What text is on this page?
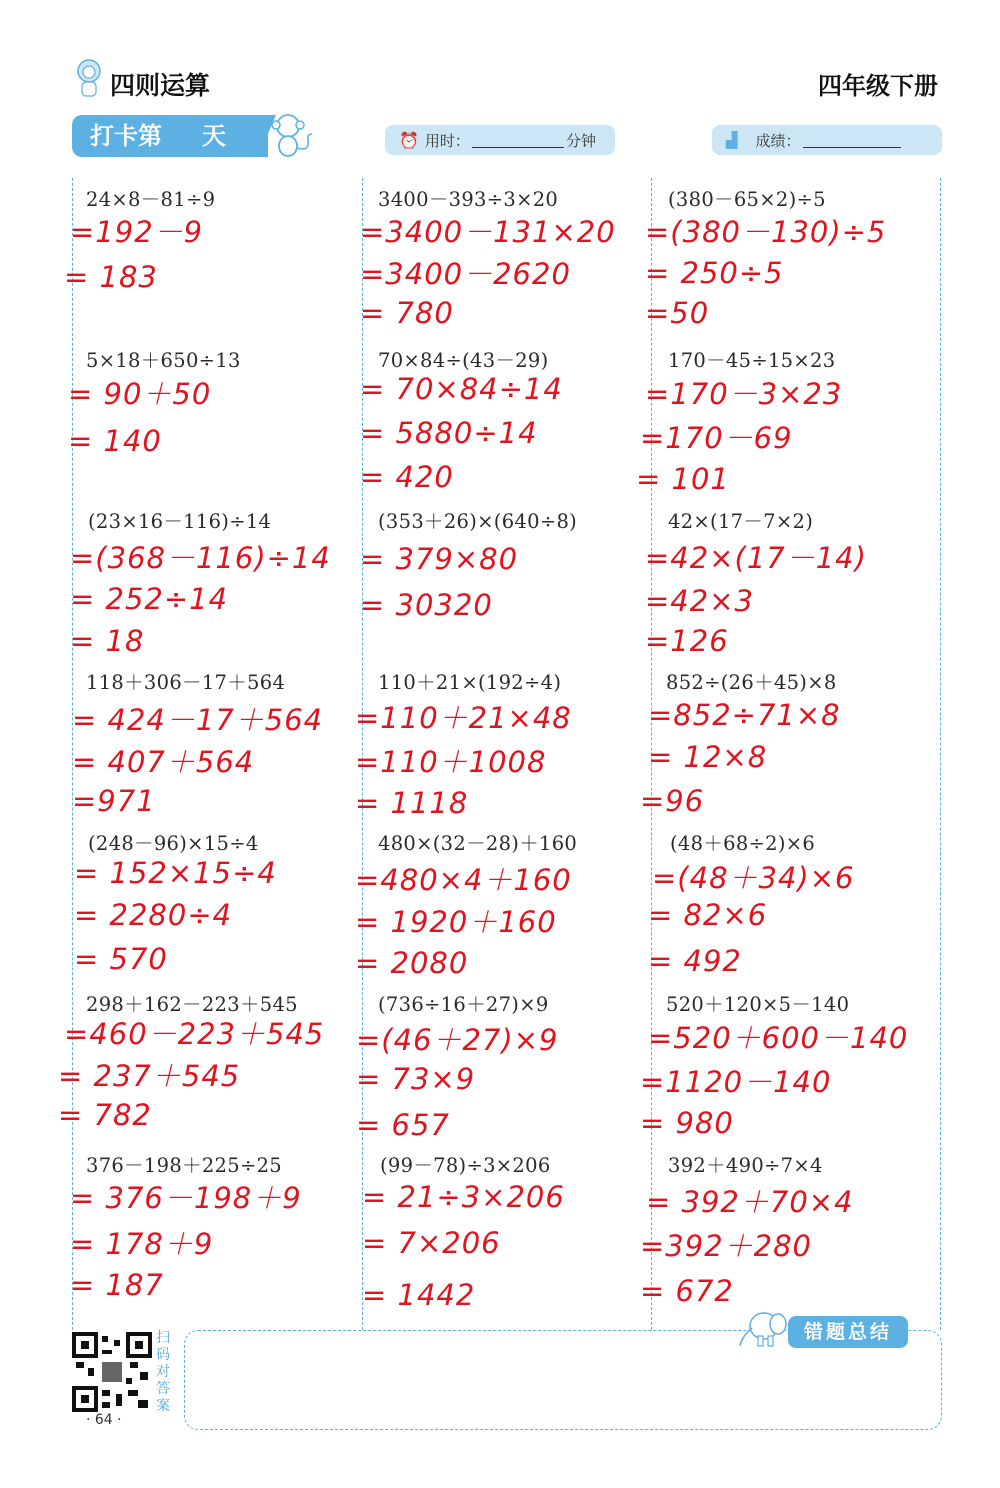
四则运算	四年级下册
打卡第 天	⏰ 用时：	分钟	▟ 成绩：
24×8－81÷9
=192－9
= 183
3400－393÷3×20
=3400－131×20
=3400－2620
= 780
(380－65×2)÷5
=(380－130)÷5
= 250÷5
=50
5×18＋650÷13
= 90＋50
= 140
70×84÷(43－29)
= 70×84÷14
= 5880÷14
= 420
170－45÷15×23
=170－3×23
=170－69
= 101
(23×16－116)÷14
=(368－116)÷14
= 252÷14
= 18
(353＋26)×(640÷8)
= 379×80
= 30320
42×(17－7×2)
=42×(17－14)
=42×3
=126
118＋306－17＋564
= 424－17＋564
= 407＋564
=971
110＋21×(192÷4)
=110＋21×48
=110＋1008
= 1118
852÷(26＋45)×8
=852÷71×8
= 12×8
=96
(248－96)×15÷4
= 152×15÷4
= 2280÷4
= 570
480×(32－28)＋160
=480×4＋160
= 1920＋160
= 2080
(48＋68÷2)×6
=(48＋34)×6
= 82×6
= 492
298＋162－223＋545
=460－223＋545
= 237＋545
= 782
(736÷16＋27)×9
=(46＋27)×9
= 73×9
= 657
520＋120×5－140
=520＋600－140
=1120－140
= 980
376－198＋225÷25
= 376－198＋9
= 178＋9
= 187
(99－78)÷3×206
= 21÷3×206
= 7×206
= 1442
392＋490÷7×4
= 392＋70×4
=392＋280
= 672
扫码对答案
· 64 ·
错题总结
